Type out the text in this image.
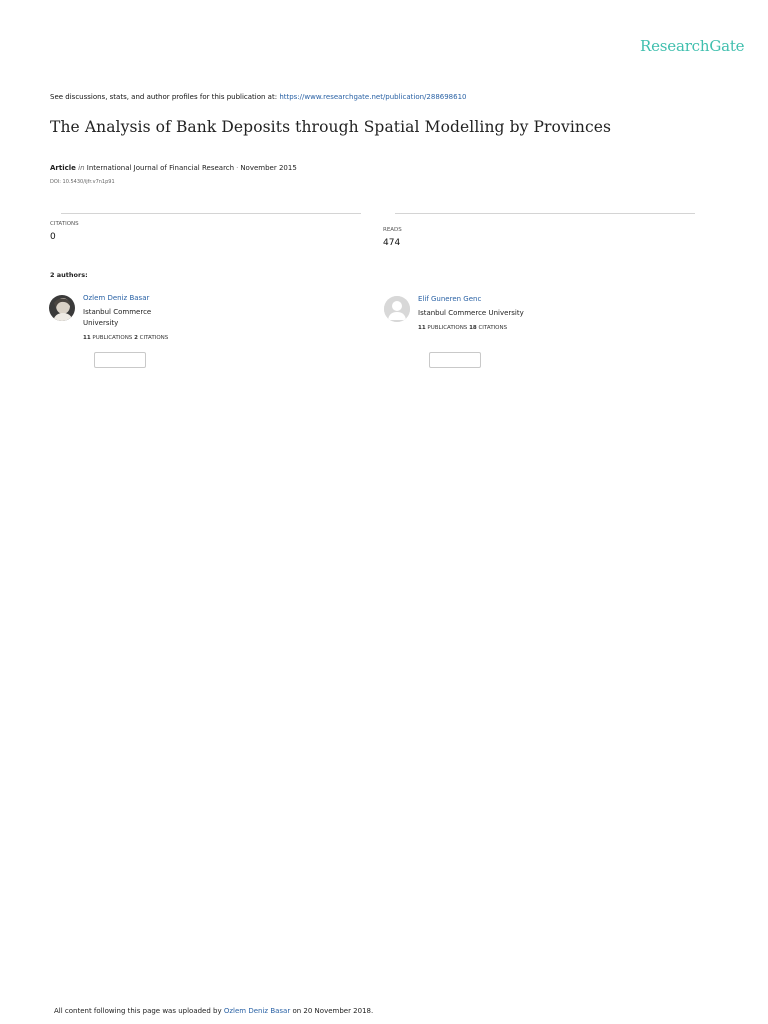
ResearchGate
See discussions, stats, and author profiles for this publication at: https://www.researchgate.net/publication/288698610
The Analysis of Bank Deposits through Spatial Modelling by Provinces
Article in International Journal of Financial Research · November 2015
DOI: 10.5430/ijfr.v7n1p91
CITATIONS
0
READS
474
2 authors:
Ozlem Deniz Basar
Istanbul Commerce University
11 PUBLICATIONS 2 CITATIONS
Elif Guneren Genc
Istanbul Commerce University
11 PUBLICATIONS 18 CITATIONS
All content following this page was uploaded by Ozlem Deniz Basar on 20 November 2018.
